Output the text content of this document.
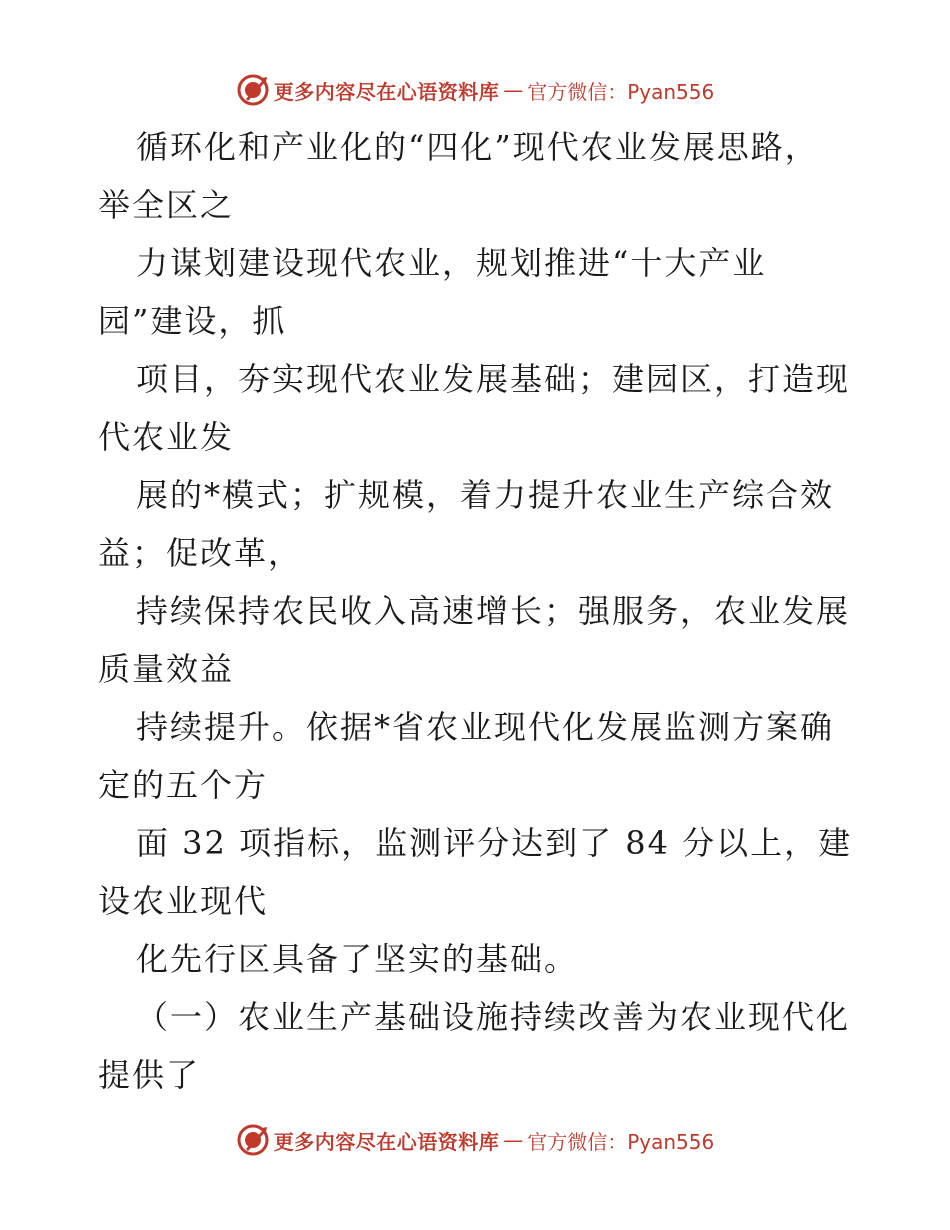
更多内容尽在心语资料库 — 官方微信：Pyan556
循环化和产业化的“四化”现代农业发展思路，
举全区之
力谋划建设现代农业，规划推进“十大产业
园”建设，抓
项目，夯实现代农业发展基础；建园区，打造现
代农业发
展的*模式；扩规模，着力提升农业生产综合效
益；促改革，
持续保持农民收入高速增长；强服务，农业发展
质量效益
持续提升。依据*省农业现代化发展监测方案确
定的五个方
面 32 项指标，监测评分达到了 84 分以上，建
设农业现代
化先行区具备了坚实的基础。
（一）农业生产基础设施持续改善为农业现代化
提供了
更多内容尽在心语资料库 — 官方微信：Pyan556
